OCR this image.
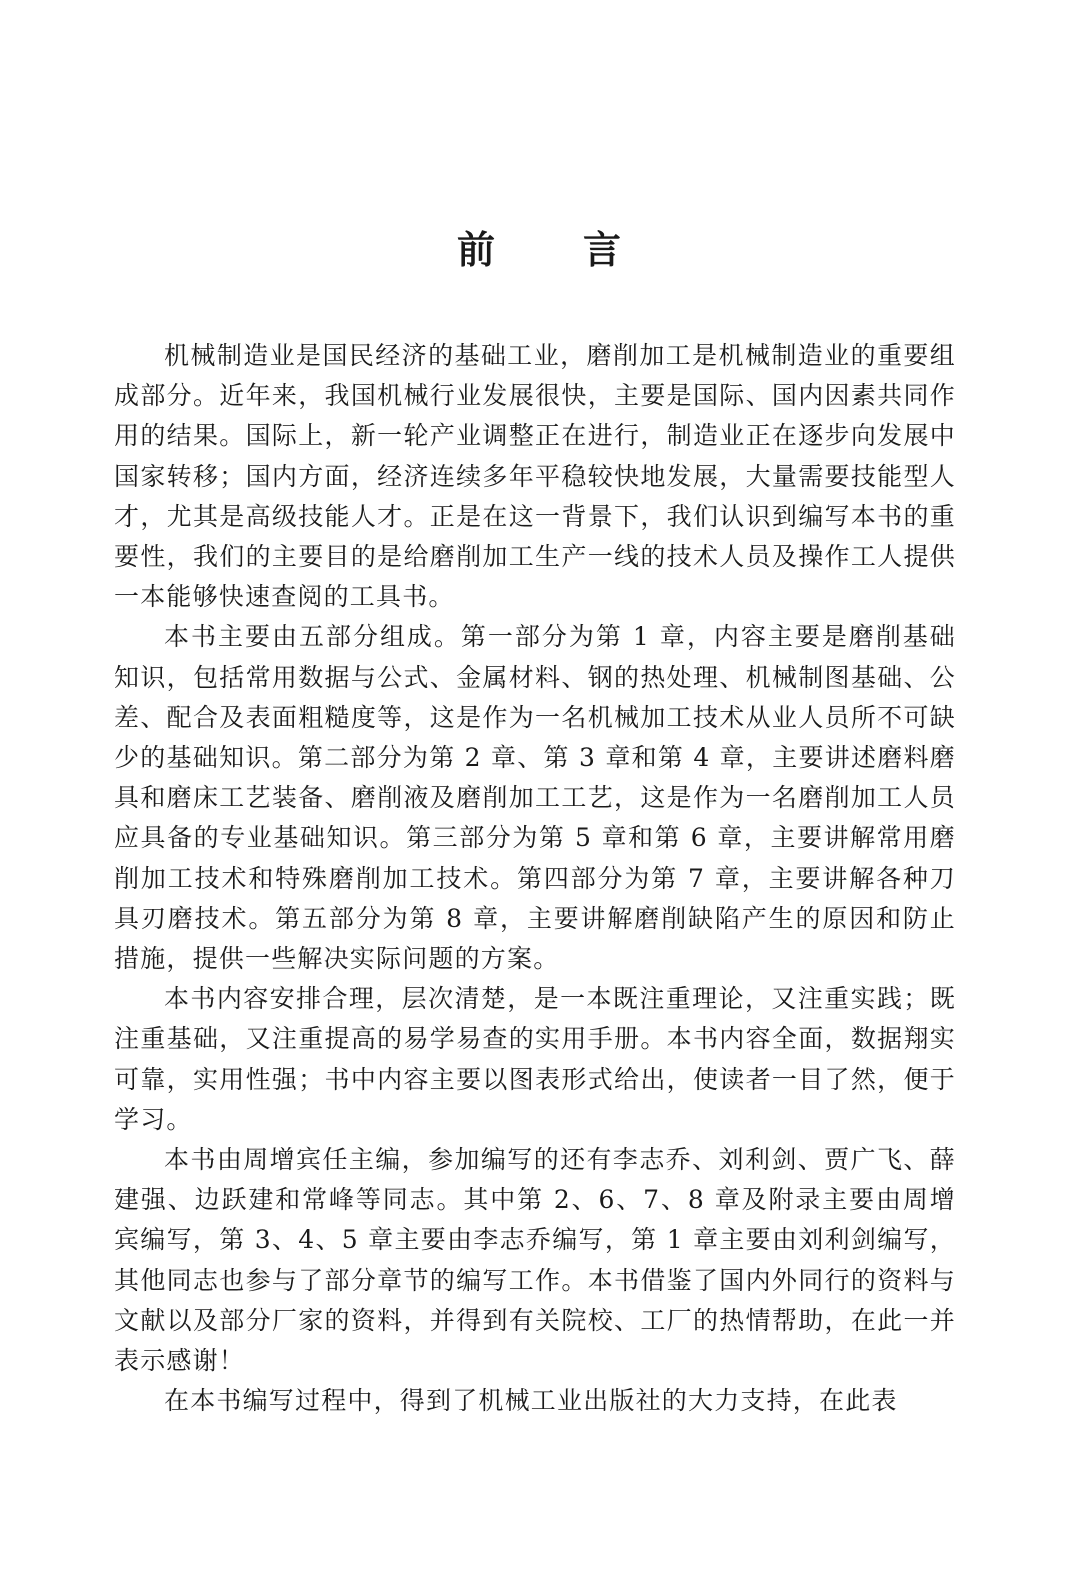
前 言

机械制造业是国民经济的基础工业，磨削加工是机械制造业的重要组成部分。近年来，我国机械行业发展很快，主要是国际、国内因素共同作用的结果。国际上，新一轮产业调整正在进行，制造业正在逐步向发展中国家转移；国内方面，经济连续多年平稳较快地发展，大量需要技能型人才，尤其是高级技能人才。正是在这一背景下，我们认识到编写本书的重要性，我们的主要目的是给磨削加工生产一线的技术人员及操作工人提供一本能够快速查阅的工具书。

本书主要由五部分组成。第一部分为第 1 章，内容主要是磨削基础知识，包括常用数据与公式、金属材料、钢的热处理、机械制图基础、公差、配合及表面粗糙度等，这是作为一名机械加工技术从业人员所不可缺少的基础知识。第二部分为第 2 章、第 3 章和第 4 章，主要讲述磨料磨具和磨床工艺装备、磨削液及磨削加工工艺，这是作为一名磨削加工人员应具备的专业基础知识。第三部分为第 5 章和第 6 章，主要讲解常用磨削加工技术和特殊磨削加工技术。第四部分为第 7 章，主要讲解各种刀具刃磨技术。第五部分为第 8 章，主要讲解磨削缺陷产生的原因和防止措施，提供一些解决实际问题的方案。

本书内容安排合理，层次清楚，是一本既注重理论，又注重实践；既注重基础，又注重提高的易学易查的实用手册。本书内容全面，数据翔实可靠，实用性强；书中内容主要以图表形式给出，使读者一目了然，便于学习。

本书由周增宾任主编，参加编写的还有李志乔、刘利剑、贾广飞、薛建强、边跃建和常峰等同志。其中第 2、6、7、8 章及附录主要由周增宾编写，第 3、4、5 章主要由李志乔编写，第 1 章主要由刘利剑编写，其他同志也参与了部分章节的编写工作。本书借鉴了国内外同行的资料与文献以及部分厂家的资料，并得到有关院校、工厂的热情帮助，在此一并表示感谢！

在本书编写过程中，得到了机械工业出版社的大力支持，在此表
